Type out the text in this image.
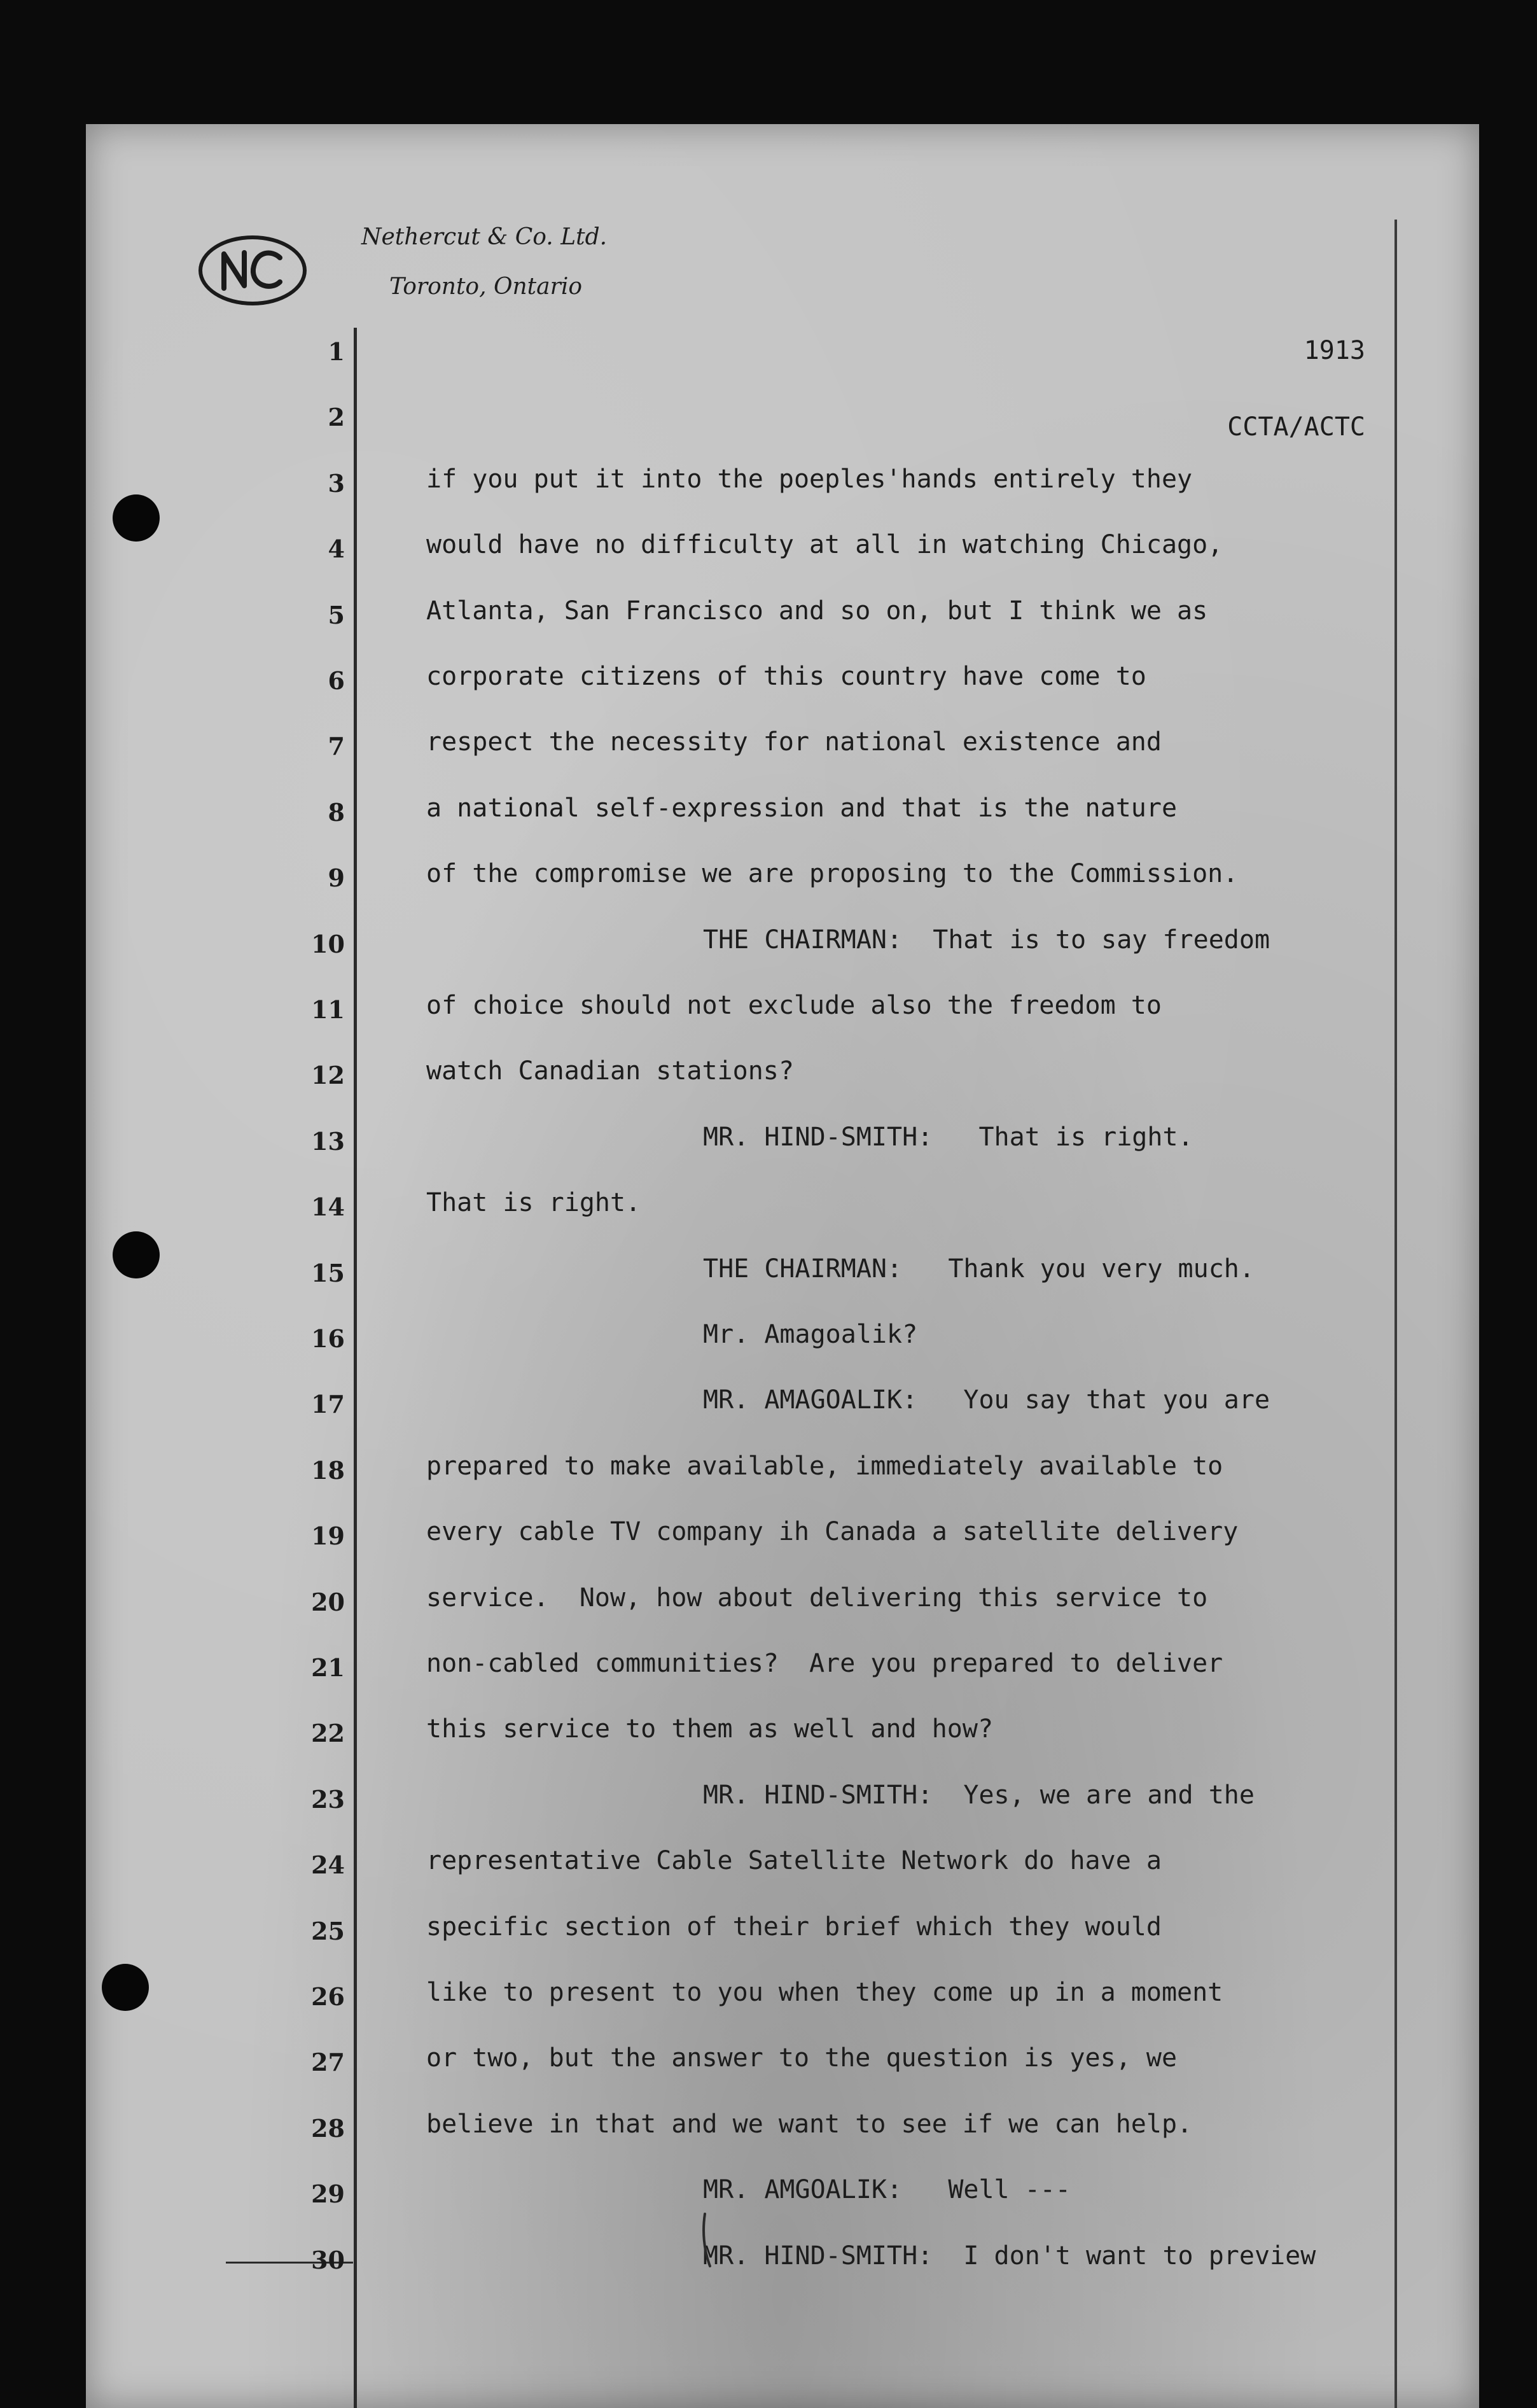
Nethercut & Co. Ltd.
Toronto, Ontario
1913
CCTA/ACTC
1
2
3
4
5
6
7
8
9
10
11
12
13
14
15
16
17
18
19
20
21
22
23
24
25
26
27
28
29
30
if you put it into the poeples'hands entirely they
would have no difficulty at all in watching Chicago,
Atlanta, San Francisco and so on, but I think we as
corporate citizens of this country have come to
respect the necessity for national existence and
a national self-expression and that is the nature
of the compromise we are proposing to the Commission.
THE CHAIRMAN:  That is to say freedom
of choice should not exclude also the freedom to
watch Canadian stations?
MR. HIND-SMITH:   That is right.
That is right.
THE CHAIRMAN:   Thank you very much.
Mr. Amagoalik?
MR. AMAGOALIK:   You say that you are
prepared to make available, immediately available to
every cable TV company ih Canada a satellite delivery
service.  Now, how about delivering this service to
non-cabled communities?  Are you prepared to deliver
this service to them as well and how?
MR. HIND-SMITH:  Yes, we are and the
representative Cable Satellite Network do have a
specific section of their brief which they would
like to present to you when they come up in a moment
or two, but the answer to the question is yes, we
believe in that and we want to see if we can help.
MR. AMGOALIK:   Well ---
MR. HIND-SMITH:  I don't want to preview
